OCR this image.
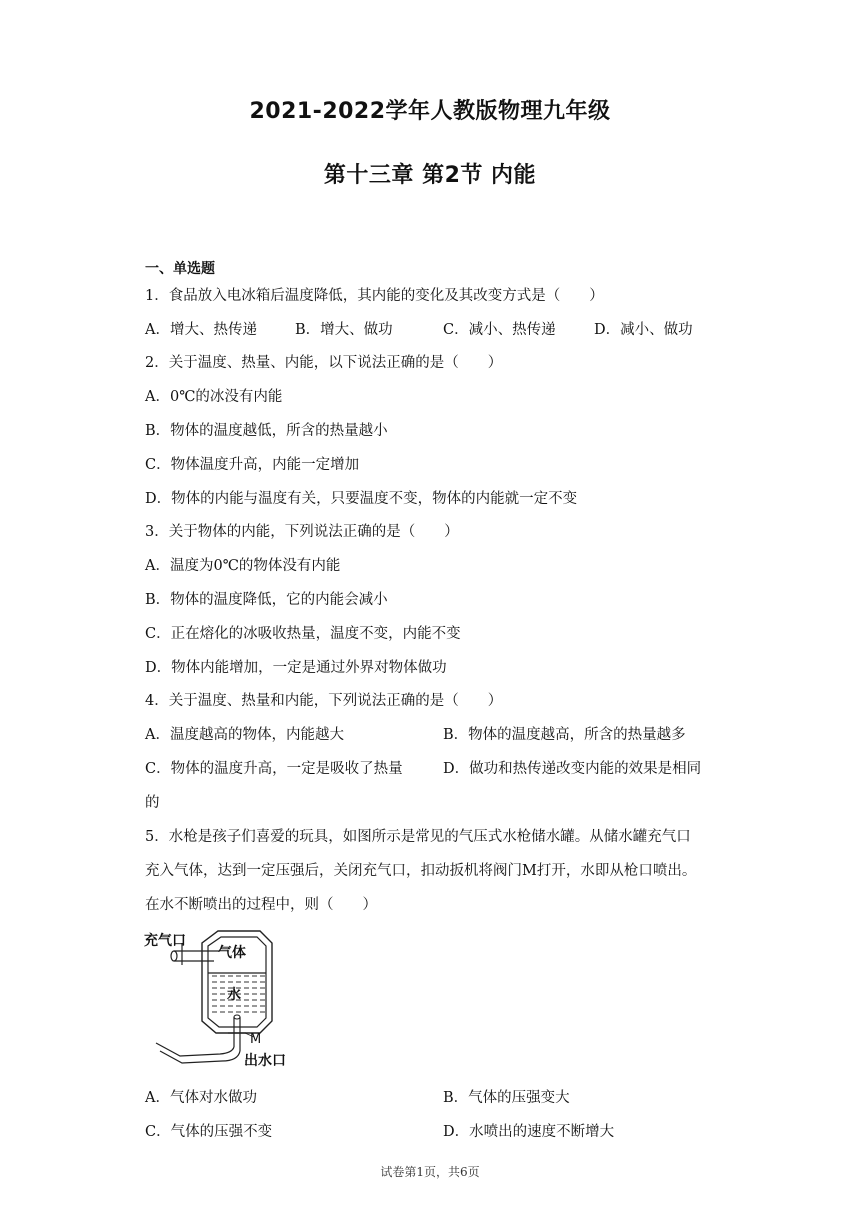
2021-2022学年人教版物理九年级
第十三章 第2节 内能
一、单选题
1．食品放入电冰箱后温度降低，其内能的变化及其改变方式是（　　）
A．增大、热传递	B．增大、做功	C．减小、热传递	D．减小、做功
2．关于温度、热量、内能，以下说法正确的是（　　）
A．0℃的冰没有内能
B．物体的温度越低，所含的热量越小
C．物体温度升高，内能一定增加
D．物体的内能与温度有关，只要温度不变，物体的内能就一定不变
3．关于物体的内能，下列说法正确的是（　　）
A．温度为0℃的物体没有内能
B．物体的温度降低，它的内能会减小
C．正在熔化的冰吸收热量，温度不变，内能不变
D．物体内能增加，一定是通过外界对物体做功
4．关于温度、热量和内能，下列说法正确的是（　　）
A．温度越高的物体，内能越大	B．物体的温度越高，所含的热量越多
C．物体的温度升高，一定是吸收了热量	D．做功和热传递改变内能的效果是相同
的
5．水枪是孩子们喜爱的玩具，如图所示是常见的气压式水枪储水罐。从储水罐充气口
充入气体，达到一定压强后，关闭充气口，扣动扳机将阀门M打开，水即从枪口喷出。
在水不断喷出的过程中，则（　　）
充气口
气体
水
M
出水口
A．气体对水做功	B．气体的压强变大
C．气体的压强不变	D．水喷出的速度不断增大
试卷第1页，共6页
